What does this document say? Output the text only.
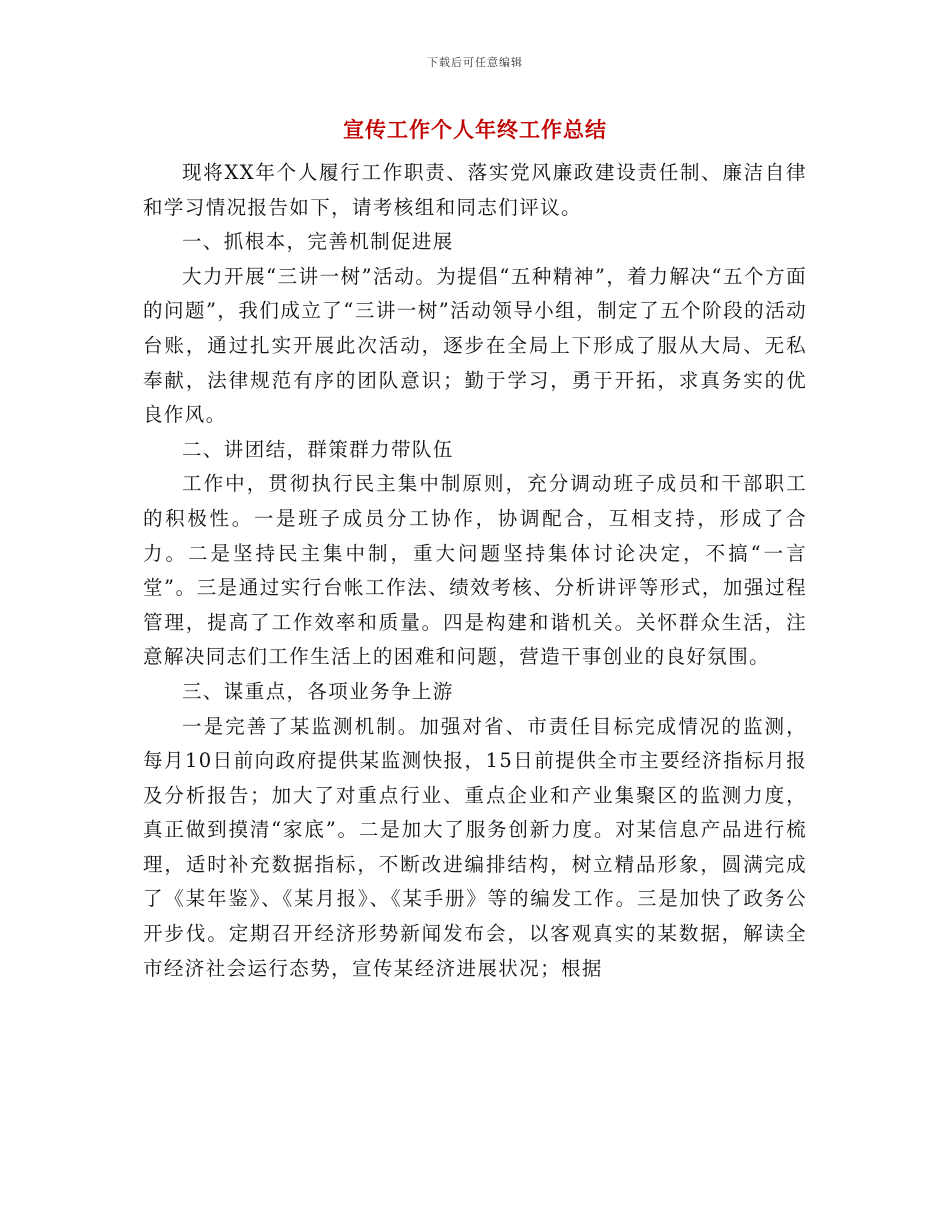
下载后可任意编辑
宣传工作个人年终工作总结

现将XX年个人履行工作职责、落实党风廉政建设责任制、廉洁自律和学习情况报告如下，请考核组和同志们评议。

一、抓根本，完善机制促进展

大力开展“三讲一树”活动。为提倡“五种精神”，着力解决“五个方面的问题”，我们成立了“三讲一树”活动领导小组，制定了五个阶段的活动台账，通过扎实开展此次活动，逐步在全局上下形成了服从大局、无私奉献，法律规范有序的团队意识；勤于学习，勇于开拓，求真务实的优良作风。

二、讲团结，群策群力带队伍

工作中，贯彻执行民主集中制原则，充分调动班子成员和干部职工的积极性。一是班子成员分工协作，协调配合，互相支持，形成了合力。二是坚持民主集中制，重大问题坚持集体讨论决定，不搞“一言堂”。三是通过实行台帐工作法、绩效考核、分析讲评等形式，加强过程管理，提高了工作效率和质量。四是构建和谐机关。关怀群众生活，注意解决同志们工作生活上的困难和问题，营造干事创业的良好氛围。

三、谋重点，各项业务争上游

一是完善了某监测机制。加强对省、市责任目标完成情况的监测，每月10日前向政府提供某监测快报，15日前提供全市主要经济指标月报及分析报告；加大了对重点行业、重点企业和产业集聚区的监测力度，真正做到摸清“家底”。二是加大了服务创新力度。对某信息产品进行梳理，适时补充数据指标，不断改进编排结构，树立精品形象，圆满完成了《某年鉴》、《某月报》、《某手册》等的编发工作。三是加快了政务公开步伐。定期召开经济形势新闻发布会，以客观真实的某数据，解读全市经济社会运行态势，宣传某经济进展状况；根据
